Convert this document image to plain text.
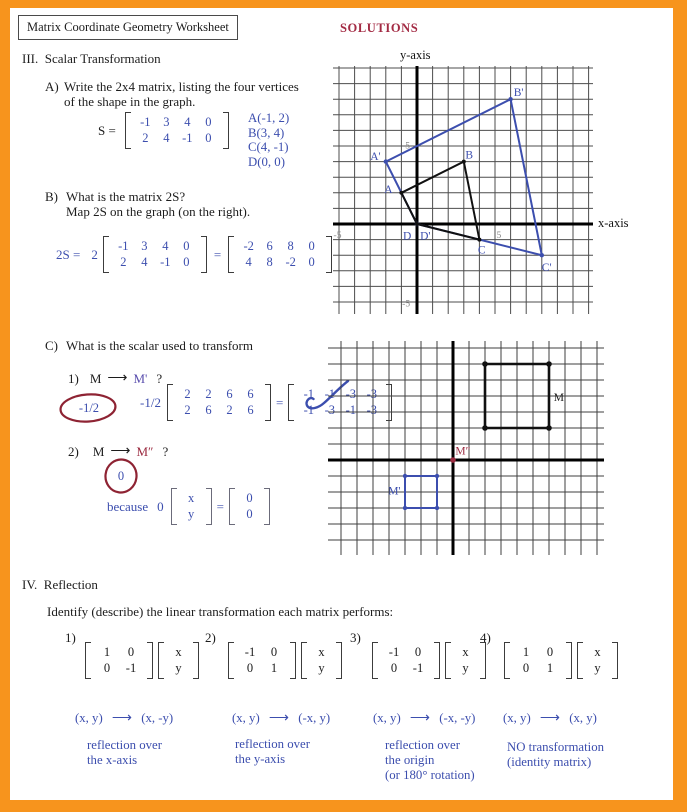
Matrix Coordinate Geometry Worksheet	SOLUTIONS
III.  Scalar Transformation
A) Write the 2x4 matrix, listing the four vertices
of the shape in the graph.
S =
-1	3	4	0
2	4	-1	0
A(-1, 2)
B(3, 4)
C(4, -1)
D(0, 0)
B) What is the matrix 2S?
Map 2S on the graph (on the right).
2S = 2
-1	3	4	0
2	4	-1	0
=
-2	6	8	0
4	8	-2	0
C) What is the scalar used to transform
1) M ⟶ M' ?
-1/2	-1/2
2	2	6	6
2	6	2	6
=
-1 -1 -3 -3
-1 -3 -1 -3
2) M ⟶ M″ ?
0
because 0
x
y
=
0
0
y-axis
x-axis
A'
B'
C'
A
B
C
D D'
5
-5	5
-5
M
M'
M″
IV.  Reflection
Identify (describe) the linear transformation each matrix performs:
1)
1	0
0	-1
x
y
2)
-1	0
0	1
x
y
3)
-1	0
0	-1
x
y
4)
1	0
0	1
x
y
(x, y) ⟶ (x, -y)	(x, y) ⟶ (-x, y)	(x, y) ⟶ (-x, -y) (x, y) ⟶ (x, y)
reflection over
the x-axis
reflection over
the y-axis
reflection over
the origin
(or 180° rotation)
NO transformation
(identity matrix)
